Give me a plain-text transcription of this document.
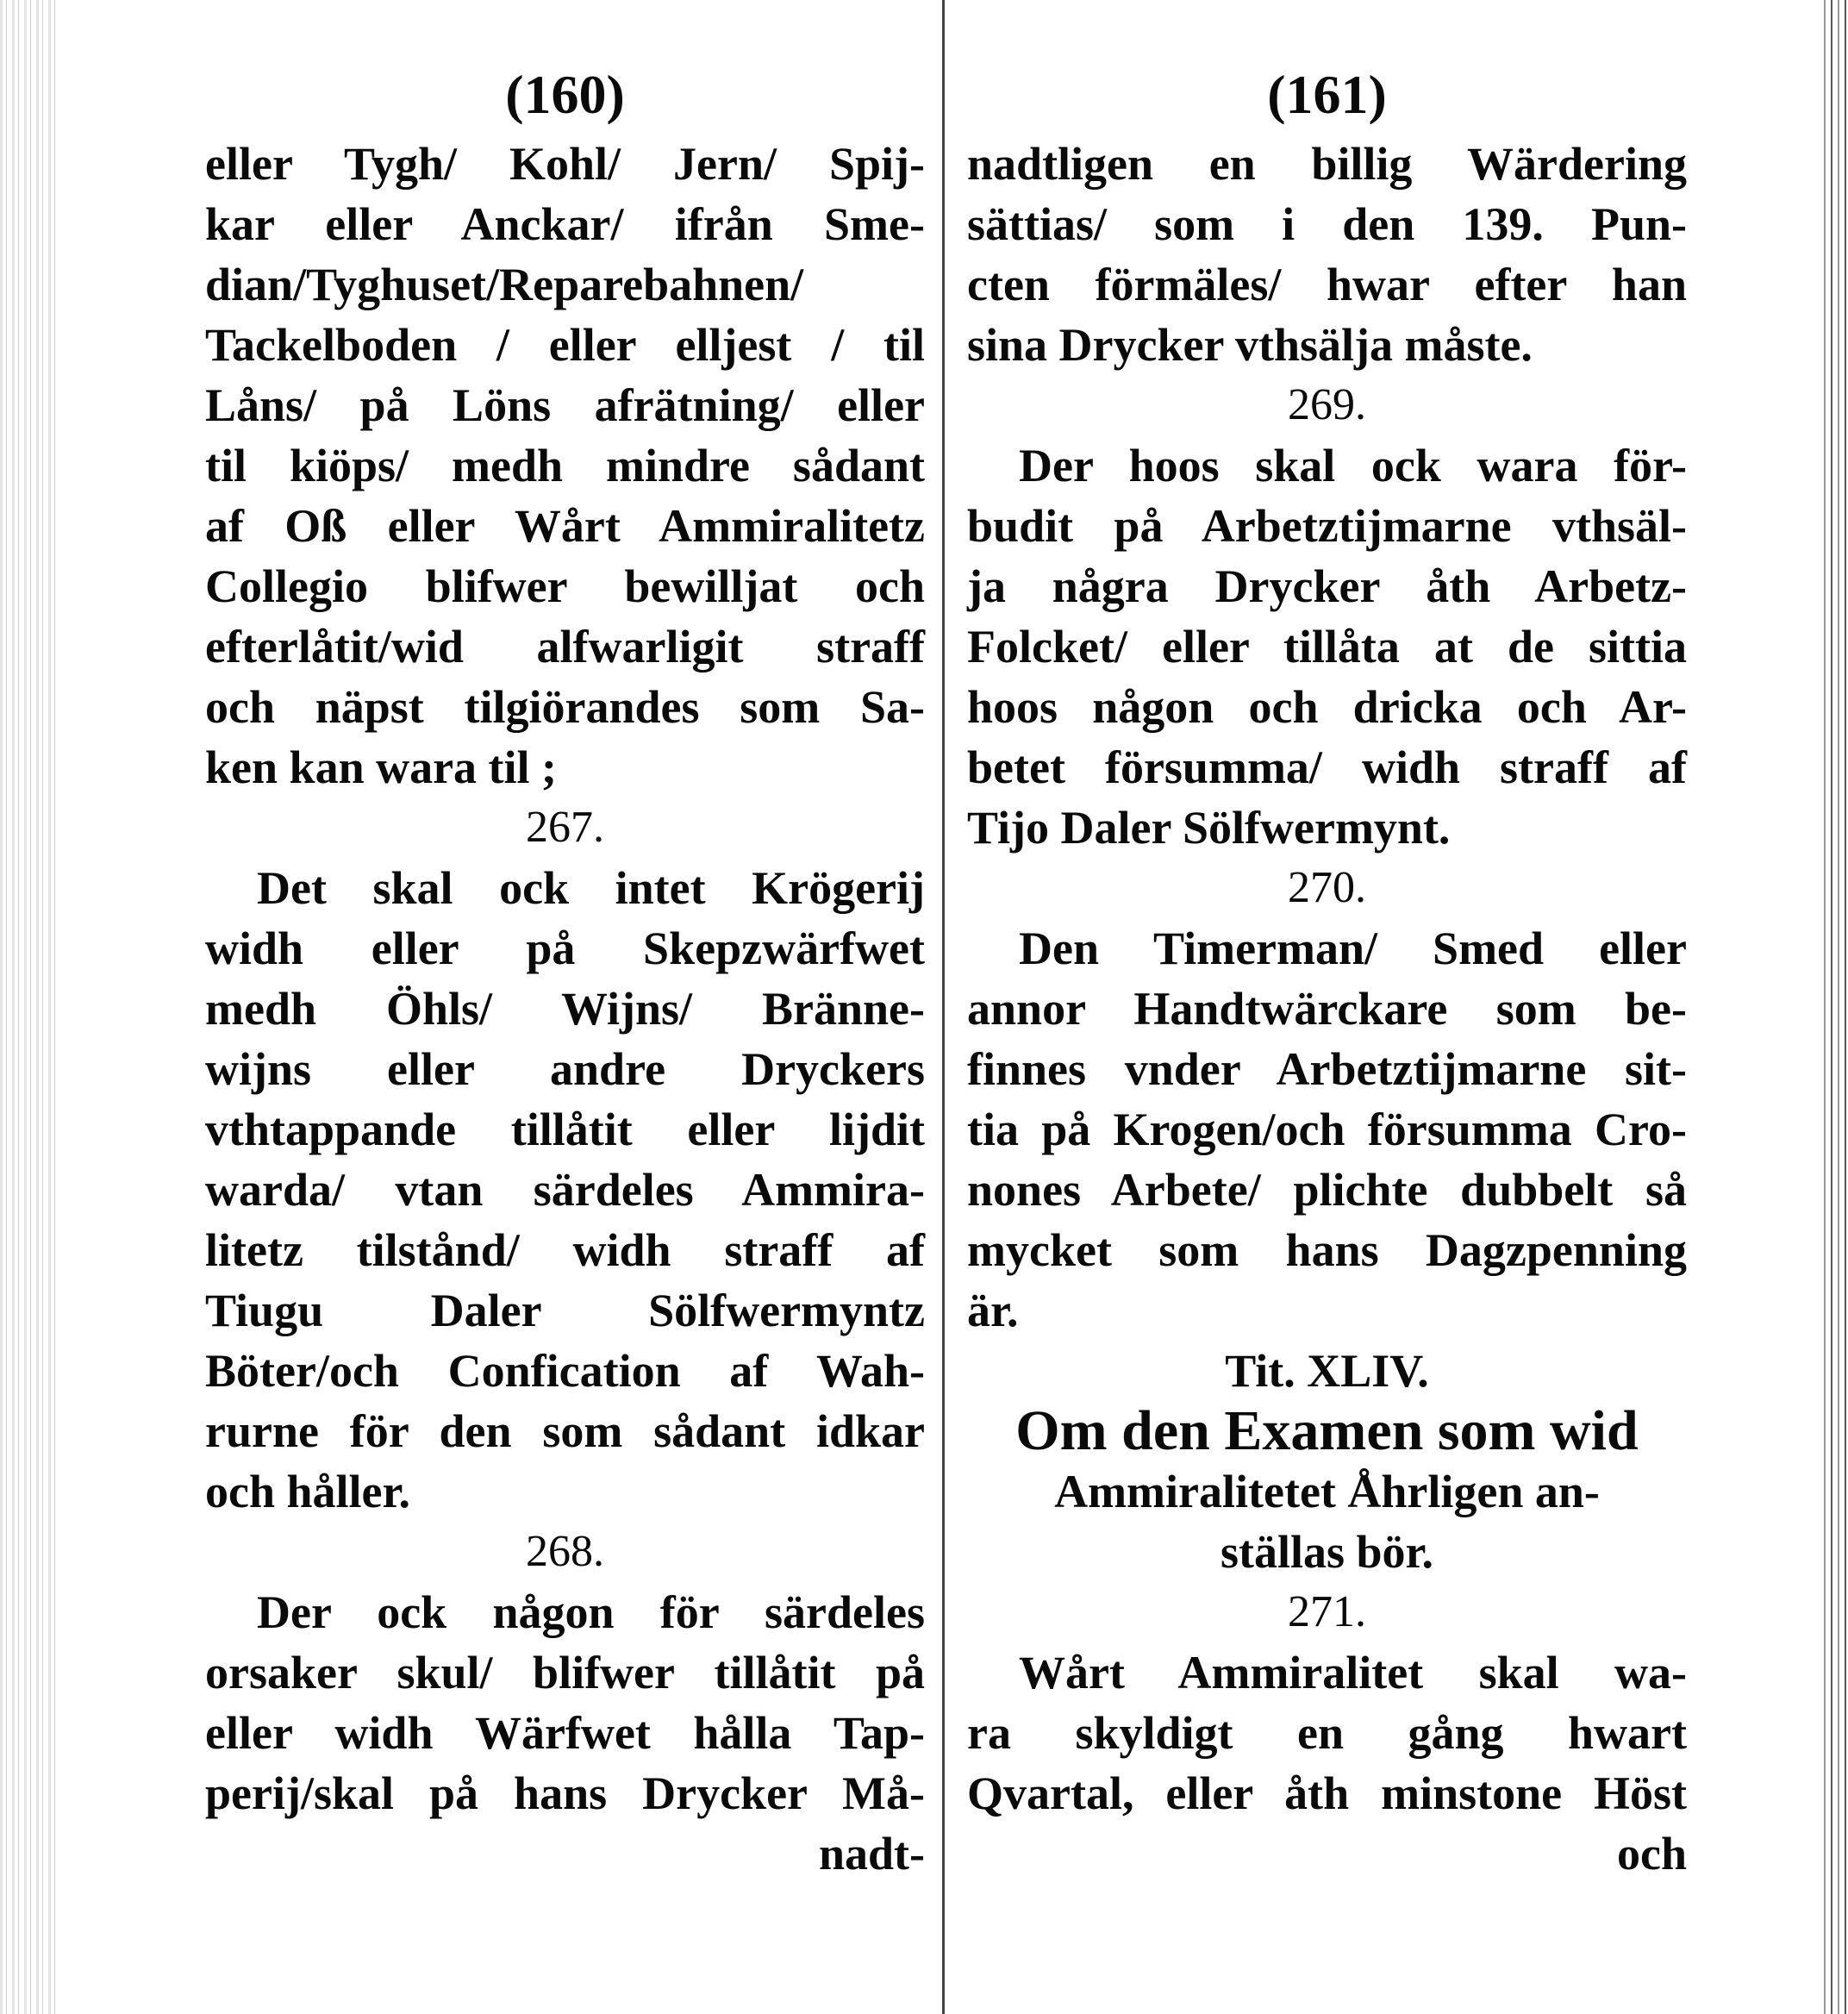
(160)	(161)
eller Tygh/ Kohl/ Jern/ Spij-
kar eller Anckar/ ifrån Sme-
dian/Tyghuset/Reparebahnen/
Tackelboden / eller elljest / til
Låns/ på Löns afrätning/ eller
til kiöps/ medh mindre sådant
af Oß eller Wårt Ammiralitetz
Collegio blifwer bewilljat och
efterlåtit/wid alfwarligit straff
och näpst tilgiörandes som Sa-
ken kan wara til ;
267.
Det skal ock intet Krögerij
widh eller på Skepzwärfwet
medh Öhls/ Wijns/ Bränne-
wijns eller andre Dryckers
vthtappande tillåtit eller lijdit
warda/ vtan särdeles Ammira-
litetz tilstånd/ widh straff af
Tiugu Daler Sölfwermyntz
Böter/och Confication af Wah-
rurne för den som sådant idkar
och håller.
268.
Der ock någon för särdeles
orsaker skul/ blifwer tillåtit på
eller widh Wärfwet hålla Tap-
perij/skal på hans Drycker Må-
nadt-
nadtligen en billig Wärdering
sättias/ som i den 139. Pun-
cten förmäles/ hwar efter han
sina Drycker vthsälja måste.
269.
Der hoos skal ock wara för-
budit på Arbetztijmarne vthsäl-
ja några Drycker åth Arbetz-
Folcket/ eller tillåta at de sittia
hoos någon och dricka och Ar-
betet försumma/ widh straff af
Tijo Daler Sölfwermynt.
270.
Den Timerman/ Smed eller
annor Handtwärckare som be-
finnes vnder Arbetztijmarne sit-
tia på Krogen/och försumma Cro-
nones Arbete/ plichte dubbelt så
mycket som hans Dagzpenning
är.
Tit. XLIV.
Om den Examen som wid
Ammiralitetet Åhrligen an-
ställas bör.
271.
Wårt Ammiralitet skal wa-
ra skyldigt en gång hwart
Qvartal, eller åth minstone Höst
och
